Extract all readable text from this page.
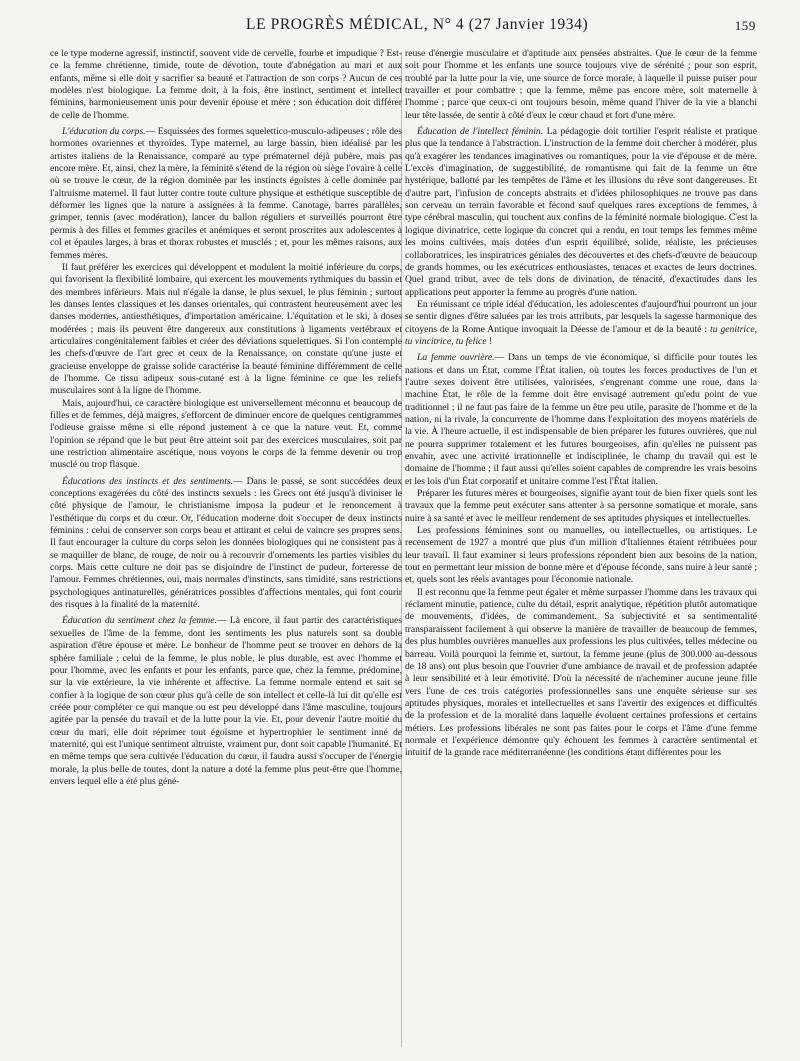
LE PROGRÈS MÉDICAL, N° 4 (27 Janvier 1934)	159

ce le type moderne agressif, instinctif, souvent vide de cervelle, fourbe et impudique ? Est-ce la femme chrétienne, timide, toute de dévotion, toute d'abnégation au mari et aux enfants, même si elle doit y sacrifier sa beauté et l'attraction de son corps ? Aucun de ces modèles n'est biologique. La femme doit, à la fois, être instinct, sentiment et intellect féminins, harmonieusement unis pour devenir épouse et mère ; son éducation doit différer de celle de l'homme.

L'éducation du corps.— Esquissées des formes squelettico-musculo-adipeuses ; rôle des hormones ovariennes et thyroïdes. Type maternel, au large bassin, bien idéalisé par les artistes italiens de la Renaissance, comparé au type prématernel déjà pubère, mais pas encore mère. Et, ainsi, chez la mère, la féminité s'étend de la région où siège l'ovaire à celle où se trouve le cœur, de la région dominée par les instincts égoïstes à celle dominée par l'altruisme maternel. Il faut lutter contre toute culture physique et esthétique susceptible de déformer les lignes que la nature a assignées à la femme. Canotage, barres parallèles, grimper, tennis (avec modération), lancer du ballon réguliers et surveillés pourront être permis à des filles et femmes graciles et anémiques et seront proscrites aux adolescentes à col et épaules larges, à bras et thorax robustes et musclés ; et, pour les mêmes raisons, aux femmes mères.

Il faut préférer les exercices qui développent et modulent la moitié inférieure du corps, qui favorisent la flexibilité lombaire, qui exercent les mouvements rythmiques du bassin et des membres inférieurs. Mais nul n'égale la danse, le plus sexuel, le plus féminin ; surtout les danses lentes classiques et les danses orientales, qui contrastent heureusement avec les danses modernes, antiesthétiques, d'importation américaine. L'équitation et le ski, à doses modérées ; mais ils peuvent être dangereux aux constitutions à ligaments vertébraux et articulaires congénitalement faibles et créer des déviations squelettiques. Si l'on contemple les chefs-d'œuvre de l'art grec et ceux de la Renaissance, on constate qu'une juste et gracieuse enveloppe de graisse solide caractérise la beauté féminine différemment de celle de l'homme. Ce tissu adipeux sous-cutané est à la ligne féminine ce que les reliefs musculaires sont à la ligne de l'homme.

Mais, aujourd'hui, ce caractère biologique est universellement méconnu et beaucoup de filles et de femmes, déjà maigres, s'efforcent de diminuer encore de quelques centigrammes l'odieuse graisse même si elle répond justement à ce que la nature veut. Et, comme l'opinion se répand que le but peut être atteint soit par des exercices musculaires, soit par une restriction alimentaire ascétique, nous voyons le corps de la femme devenir ou trop musclé ou trop flasque.

Éducations des instincts et des sentiments.— Dans le passé, se sont succédées deux conceptions exagérées du côté des instincts sexuels : les Grecs ont été jusqu'à diviniser le côté physique de l'amour, le christianisme imposa la pudeur et le renoncement à l'esthétique du corps et du cœur. Or, l'éducation moderne doit s'occuper de deux instincts féminins : celui de conserver son corps beau et attirant et celui de vaincre ses propres sens. Il faut encourager la culture du corps selon les données biologiques qui ne consistent pas à se maquiller de blanc, de rouge, de noir ou à recouvrir d'ornements les parties visibles du corps. Mais cette culture ne doit pas se disjoindre de l'instinct de pudeur, forteresse de l'amour. Femmes chrétiennes, oui, mais normales d'instincts, sans timidité, sans restrictions psychologiques antinaturelles, génératrices possibles d'affections mentales, qui font courir des risques à la finalité de la maternité.

Éducation du sentiment chez la femme.— Là encore, il faut partir des caractéristiques sexuelles de l'âme de la femme, dont les sentiments les plus naturels sont sa double aspiration d'être épouse et mère. Le bonheur de l'homme peut se trouver en dehors de la sphère familiale ; celui de la femme, le plus noble, le plus durable, est avec l'homme et pour l'homme, avec les enfants et pour les enfants, parce que, chez la femme, prédomine, sur la vie extérieure, la vie inhérente et affective. La femme normale entend et sait se confier à la logique de son cœur plus qu'à celle de son intellect et celle-là lui dit qu'elle est créée pour compléter ce qui manque ou est peu développé dans l'âme masculine, toujours agitée par la pensée du travail et de la lutte pour la vie. Et, pour devenir l'autre moitié du cœur du mari, elle doit réprimer tout égoïsme et hypertrophier le sentiment inné de maternité, qui est l'unique sentiment altruiste, vraiment pur, dont soit capable l'humanité. Et en même temps que sera cultivée l'éducation du cœur, il faudra aussi s'occuper de l'énergie morale, la plus belle de toutes, dont la nature a doté la femme plus peut-être que l'homme, envers lequel elle a été plus géné-

reuse d'énergie musculaire et d'aptitude aux pensées abstraites. Que le cœur de la femme soit pour l'homme et les enfants une source toujours vive de sérénité ; pour son esprit, troublé par la lutte pour la vie, une source de force morale, à laquelle il puisse puiser pour travailler et pour combattre ; que la femme, même pas encore mère, soit maternelle à l'homme ; parce que ceux-ci ont toujours besoin, même quand l'hiver de la vie a blanchi leur tête lassée, de sentir à côté d'eux le cœur chaud et fort d'une mère.

Éducation de l'intellect féminin. La pédagogie doit tortilier l'esprit réaliste et pratique plus que la tendance à l'abstraction. L'instruction de la femme doit chercher à modérer, plus qu'à exagérer les tendances imaginatives ou romantiques, pour la vie d'épouse et de mère. L'excès d'imagination, de suggestibilité, de romantisme qui fait de la femme un être hystérique, ballotté par les tempêtes de l'âme et les illusions du rêve sont dangereuses. Et d'autre part, l'infusion de concepts abstraits et d'idées philosophiques ne trouve pas dans son cerveau un terrain favorable et fécond sauf quelques rares exceptions de femmes, à type cérébral masculin, qui touchent aux confins de la féminité normale biologique. C'est la logique divinatrice, cette logique du concret qui a rendu, en tout temps les femmes même les moins cultivées, mais dotées d'un esprit équilibré, solide, réaliste, les précieuses collaboratrices, les inspiratrices géniales des découvertes et des chefs-d'œuvre de beaucoup de grands hommes, ou les exécutrices enthousiastes, tenaces et exactes de leurs doctrines. Quel grand tribut, avec de tels dons de divination, de ténacité, d'exactitudes dans les applications peut apporter la femme au progrès d'une nation.

En réunissant ce triple idéal d'éducation, les adolescentes d'aujourd'hui pourront un jour se sentir dignes d'être saluées par les trois attributs, par lesquels la sagesse harmonique des citoyens de la Rome Antique invoquait la Déesse de l'amour et de la beauté : tu genitrice, tu vincitrice, tu felice !

La femme ouvrière.— Dans un temps de vie économique, si difficile pour toutes les nations et dans un État, comme l'État italien, où toutes les forces productives de l'un et l'autre sexes doivent être utilisées, valorisées, s'engrenant comme une roue, dans la machine État, le rôle de la femme doit être envisagé autrement qu'edu point de vue traditionnel ; il ne faut pas faire de la femme un être peu utile, parasite de l'homme et de la nation, ni la rivale, la concurrente de l'homme dans l'exploitation des moyens matériels de la vie. À l'heure actuelle, il est indispensable de bien préparer les futures ouvrières, que nul ne pourra supprimer totalement et les futures bourgeoises, afin qu'elles ne puissent pas envahir, avec une activité irrationnelle et indisciplinée, le champ du travail qui est le domaine de l'homme ; il faut aussi qu'elles soient capables de comprendre les vrais besoins et les lois d'un État corporatif et unitaire comme l'est l'État italien.

Préparer les futures mères et bourgeoises, signifie ayant tout de bien fixer quels sont les travaux que la femme peut exécuter sans attenter à sa personne somatique et morale, sans nuire à sa santé et avec le meilleur rendement de ses aptitudes physiques et intellectuelles.

Les professions féminines sont ou manuelles, ou intellectuelles, ou artistiques. Le recensement de 1927 a montré que plus d'un million d'Italiennes étaient rétribuées pour leur travail. Il faut examiner si leurs professions répondent bien aux besoins de la nation, tout en permettant leur mission de bonne mère et d'épouse féconde, sans nuire à leur santé ; et, quels sont les réels avantages pour l'économie nationale.

Il est reconnu que la femme peut égaler et même surpasser l'homme dans les travaux qui réclament minutie, patience, culte du détail, esprit analytique, répétition plutôt automatique de mouvements, d'idées, de commandement. Sa subjectivité et sa sentimentalité transparaissent facilement à qui observe la manière de travailler de beaucoup de femmes, des plus humbles ouvrières manuelles aux professions les plus cultivées, telles médecine ou barreau. Voilà pourquoi la femme et, surtout, la femme jeune (plus de 300.000 au-dessous de 18 ans) ont plus besoin que l'ouvrier d'une ambiance de travail et de profession adaptée à leur sensibilité et à leur émotivité. D'où la nécessité de n'acheminer aucune jeune fille vers l'une de ces trois catégories professionnelles sans une enquête sérieuse sur ses aptitudes physiques, morales et intellectuelles et sans l'avertir des exigences et difficultés de la profession et de la moralité dans laquelle évoluent certaines professions et certains métiers. Les professions libérales ne sont pas faites pour le corps et l'âme d'une femme normale et l'expérience démontre qu'y échouent les femmes à caractère sentimental et intuitif de la grande race méditerranéenne (les conditions étant différentes pour les
